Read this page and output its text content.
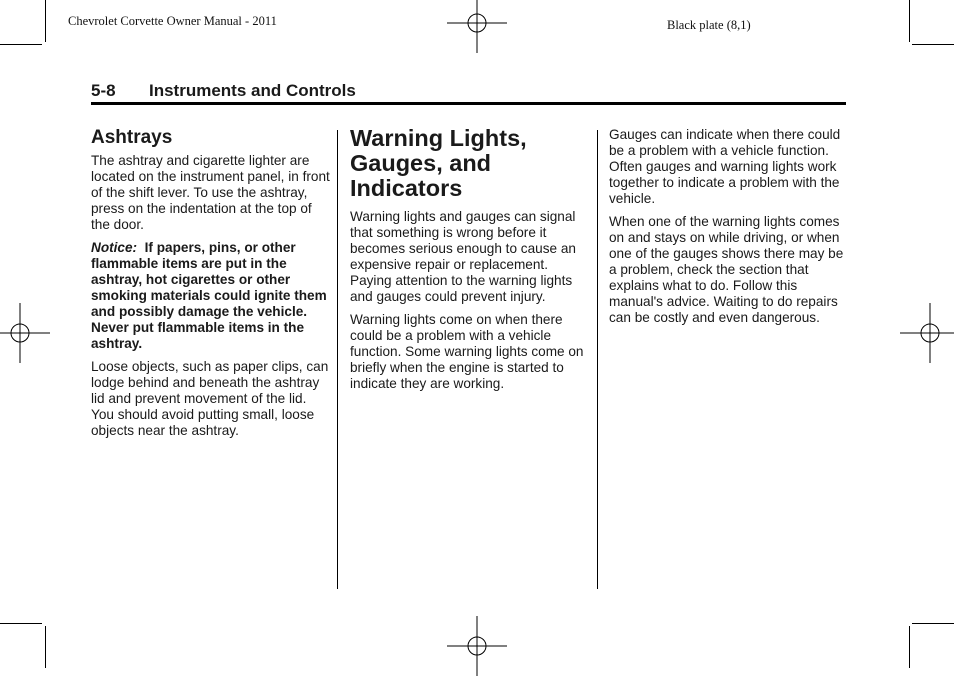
Chevrolet Corvette Owner Manual - 2011	Black plate (8,1)
5-8 Instruments and Controls
Ashtrays

The ashtray and cigarette lighter are located on the instrument panel, in front of the shift lever. To use the ashtray, press on the indentation at the top of the door.

Notice: If papers, pins, or other flammable items are put in the ashtray, hot cigarettes or other smoking materials could ignite them and possibly damage the vehicle. Never put flammable items in the ashtray.

Loose objects, such as paper clips, can lodge behind and beneath the ashtray lid and prevent movement of the lid. You should avoid putting small, loose objects near the ashtray.

Warning Lights, Gauges, and Indicators

Warning lights and gauges can signal that something is wrong before it becomes serious enough to cause an expensive repair or replacement. Paying attention to the warning lights and gauges could prevent injury.

Warning lights come on when there could be a problem with a vehicle function. Some warning lights come on briefly when the engine is started to indicate they are working.

Gauges can indicate when there could be a problem with a vehicle function. Often gauges and warning lights work together to indicate a problem with the vehicle.

When one of the warning lights comes on and stays on while driving, or when one of the gauges shows there may be a problem, check the section that explains what to do. Follow this manual's advice. Waiting to do repairs can be costly and even dangerous.
